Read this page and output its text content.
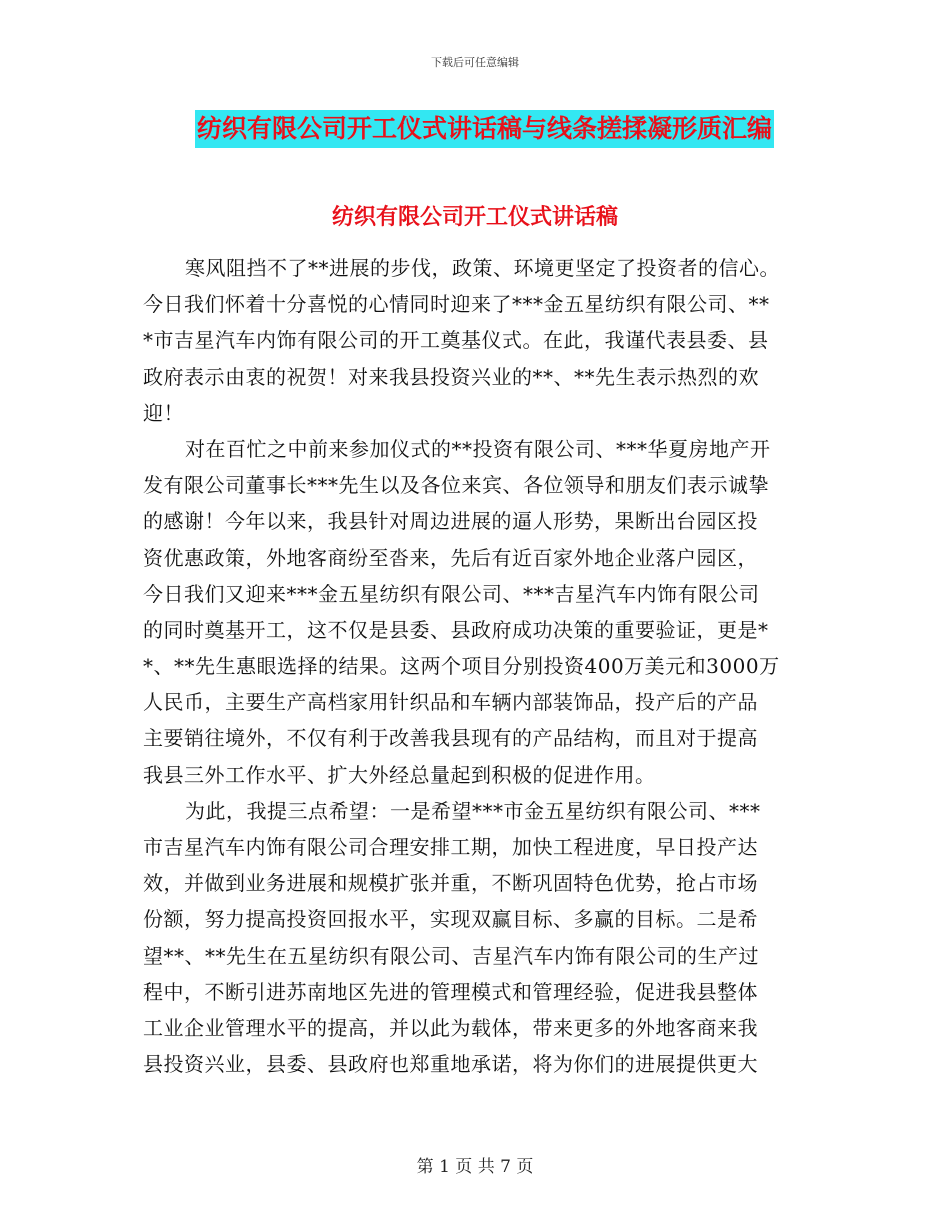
下载后可任意编辑
纺织有限公司开工仪式讲话稿与线条搓揉凝形质汇编
纺织有限公司开工仪式讲话稿
寒风阻挡不了**进展的步伐，政策、环境更坚定了投资者的信心。
今日我们怀着十分喜悦的心情同时迎来了***金五星纺织有限公司、**
*市吉星汽车内饰有限公司的开工奠基仪式。在此，我谨代表县委、县
政府表示由衷的祝贺！对来我县投资兴业的**、**先生表示热烈的欢
迎！
对在百忙之中前来参加仪式的**投资有限公司、***华夏房地产开
发有限公司董事长***先生以及各位来宾、各位领导和朋友们表示诚挚
的感谢！今年以来，我县针对周边进展的逼人形势，果断出台园区投
资优惠政策，外地客商纷至沓来，先后有近百家外地企业落户园区，
今日我们又迎来***金五星纺织有限公司、***吉星汽车内饰有限公司
的同时奠基开工，这不仅是县委、县政府成功决策的重要验证，更是*
*、**先生惠眼选择的结果。这两个项目分别投资400万美元和3000万
人民币，主要生产高档家用针织品和车辆内部装饰品，投产后的产品
主要销往境外，不仅有利于改善我县现有的产品结构，而且对于提高
我县三外工作水平、扩大外经总量起到积极的促进作用。
为此，我提三点希望：一是希望***市金五星纺织有限公司、***
市吉星汽车内饰有限公司合理安排工期，加快工程进度，早日投产达
效，并做到业务进展和规模扩张并重，不断巩固特色优势，抢占市场
份额，努力提高投资回报水平，实现双赢目标、多赢的目标。二是希
望**、**先生在五星纺织有限公司、吉星汽车内饰有限公司的生产过
程中，不断引进苏南地区先进的管理模式和管理经验，促进我县整体
工业企业管理水平的提高，并以此为载体，带来更多的外地客商来我
县投资兴业，县委、县政府也郑重地承诺，将为你们的进展提供更大
第 1 页 共 7 页
